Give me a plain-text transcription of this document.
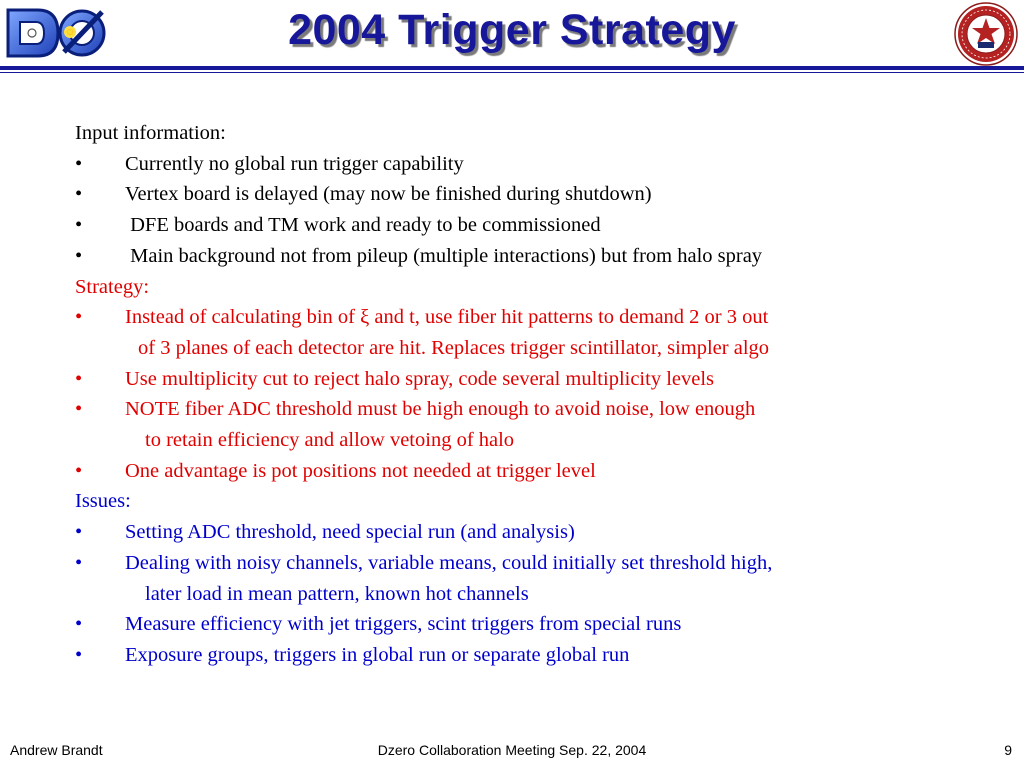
2004 Trigger Strategy
Input information:
• Currently no global run trigger capability
• Vertex board is delayed (may now be finished during shutdown)
• DFE boards and TM work and ready to be commissioned
• Main background not from pileup (multiple interactions) but from halo spray
Strategy:
• Instead of calculating bin of ξ and t, use fiber hit patterns to demand 2 or 3 out
of 3 planes of each detector are hit. Replaces trigger scintillator, simpler algo
• Use multiplicity cut to reject halo spray, code several multiplicity levels
• NOTE fiber ADC threshold must be high enough to avoid noise, low enough
to retain efficiency and allow vetoing of halo
• One advantage is pot positions not needed at trigger level
Issues:
• Setting ADC threshold, need special run (and analysis)
• Dealing with noisy channels, variable means, could initially set threshold high,
later load in mean pattern, known hot channels
• Measure efficiency with jet triggers, scint triggers from special runs
• Exposure groups, triggers in global run or separate global run
Andrew Brandt	Dzero Collaboration Meeting Sep. 22, 2004	9
